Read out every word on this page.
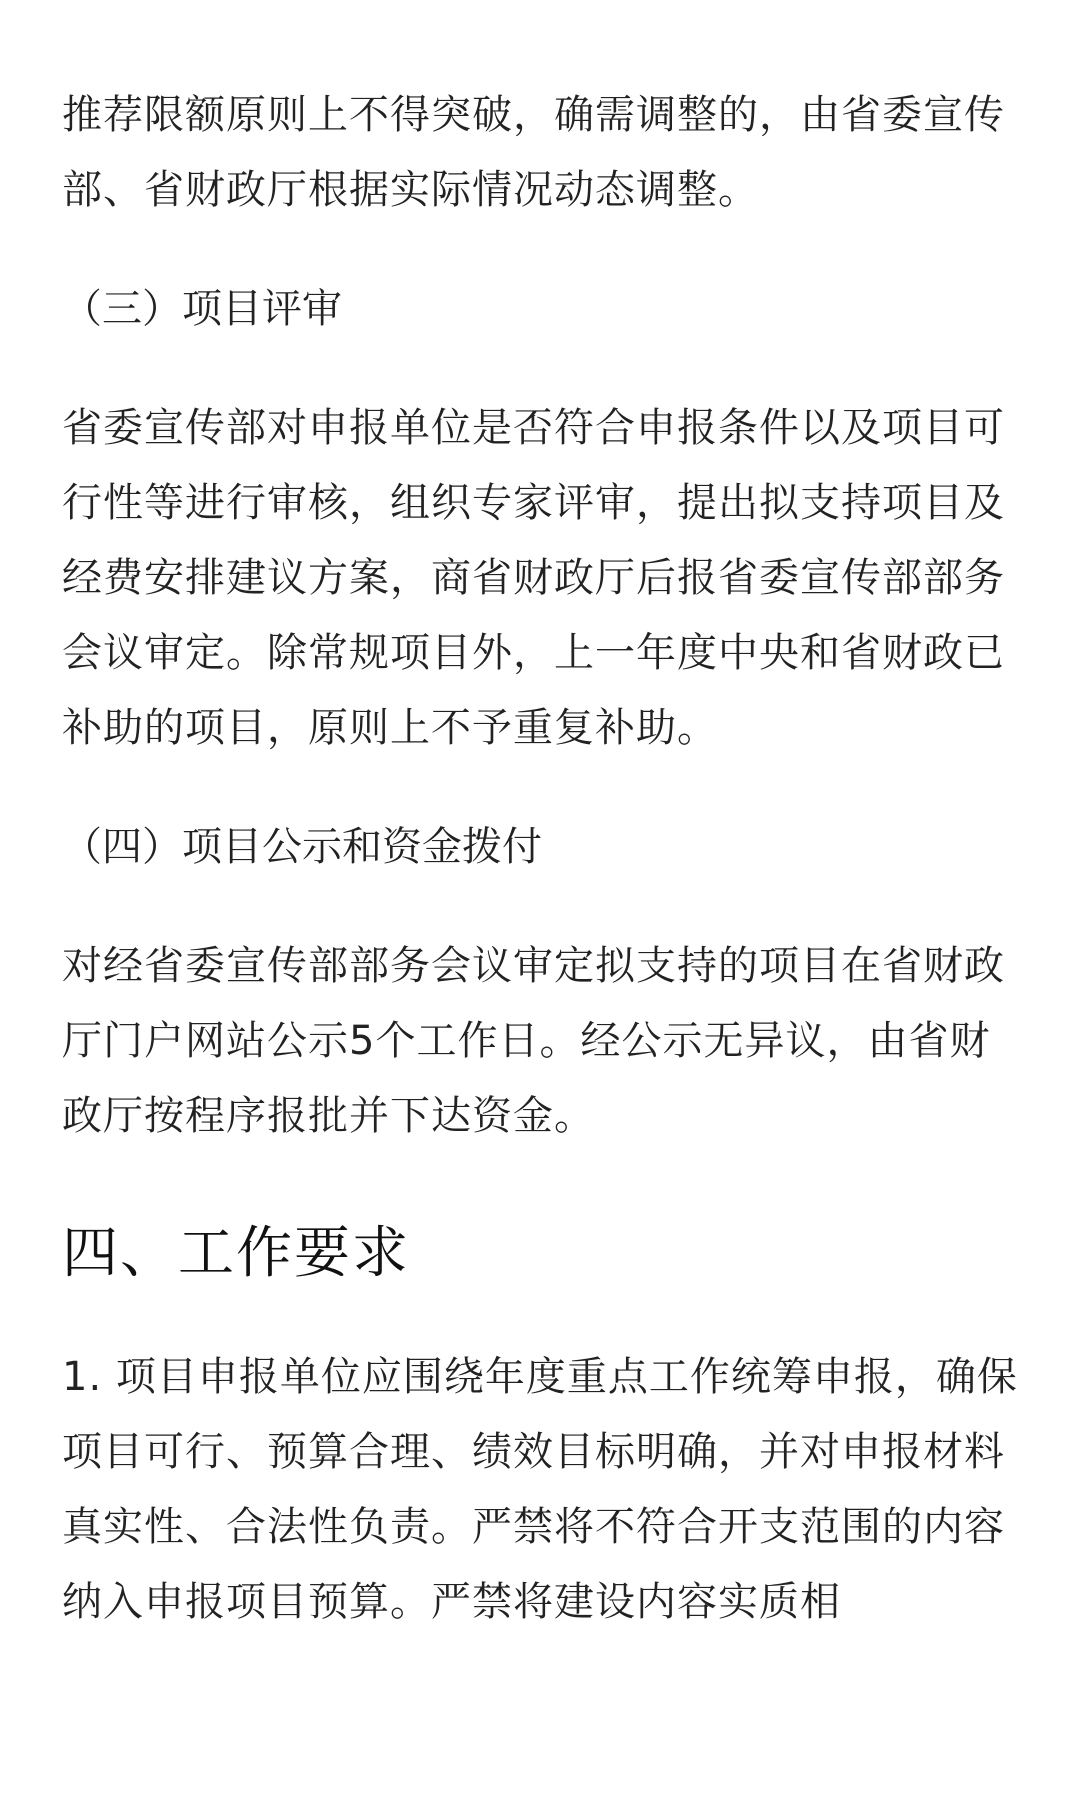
推荐限额原则上不得突破，确需调整的，由省委宣传部、省财政厅根据实际情况动态调整。

（三）项目评审

省委宣传部对申报单位是否符合申报条件以及项目可行性等进行审核，组织专家评审，提出拟支持项目及经费安排建议方案，商省财政厅后报省委宣传部部务会议审定。除常规项目外，上一年度中央和省财政已补助的项目，原则上不予重复补助。

（四）项目公示和资金拨付

对经省委宣传部部务会议审定拟支持的项目在省财政厅门户网站公示5个工作日。经公示无异议，由省财政厅按程序报批并下达资金。

四、工作要求

1. 项目申报单位应围绕年度重点工作统筹申报，确保项目可行、预算合理、绩效目标明确，并对申报材料真实性、合法性负责。严禁将不符合开支范围的内容纳入申报项目预算。严禁将建设内容实质相
